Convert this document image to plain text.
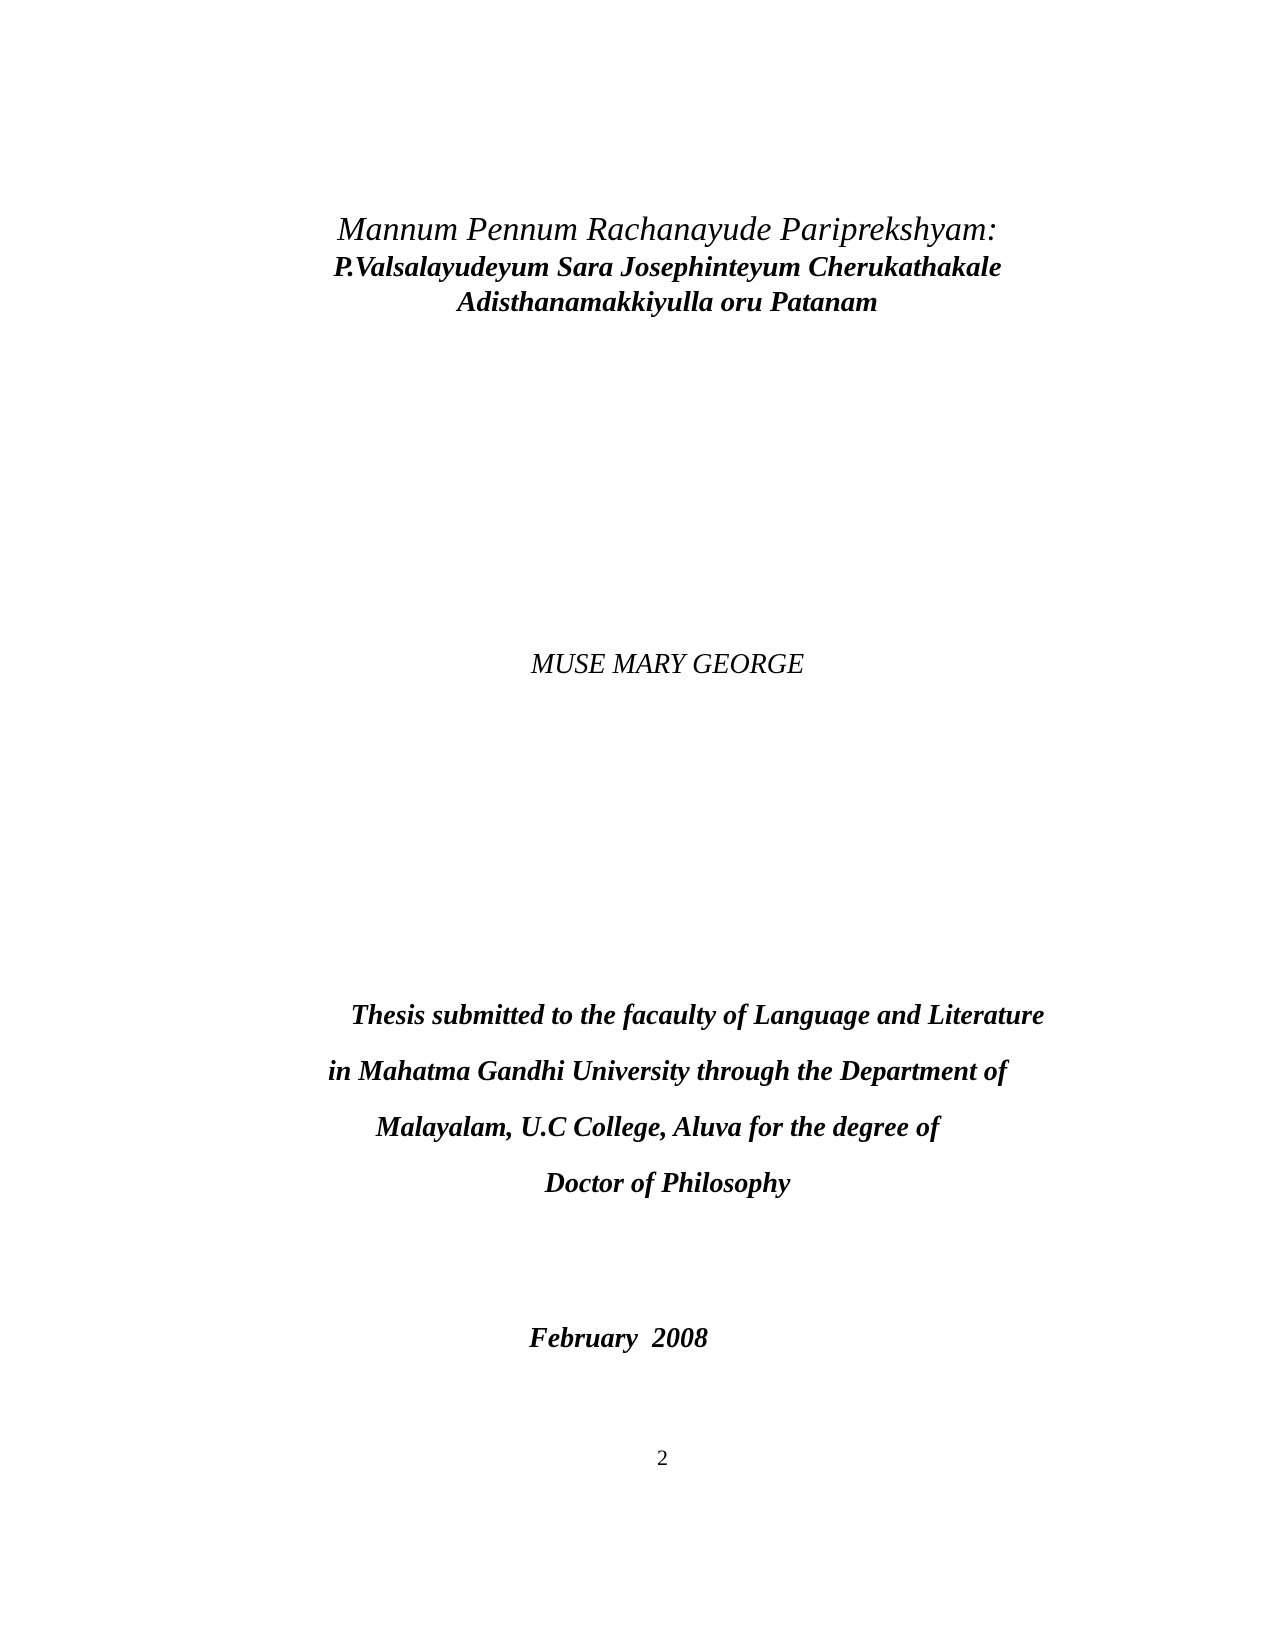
Mannum Pennum Rachanayude Pariprekshyam:
P.Valsalayudeyum Sara Josephinteyum Cherukathakale
Adisthanamakkiyulla oru Patanam
MUSE MARY GEORGE
Thesis submitted to the facaulty of Language and Literature
in Mahatma Gandhi University through the Department of
Malayalam, U.C College, Aluva for the degree of
Doctor of Philosophy
February  2008
2
